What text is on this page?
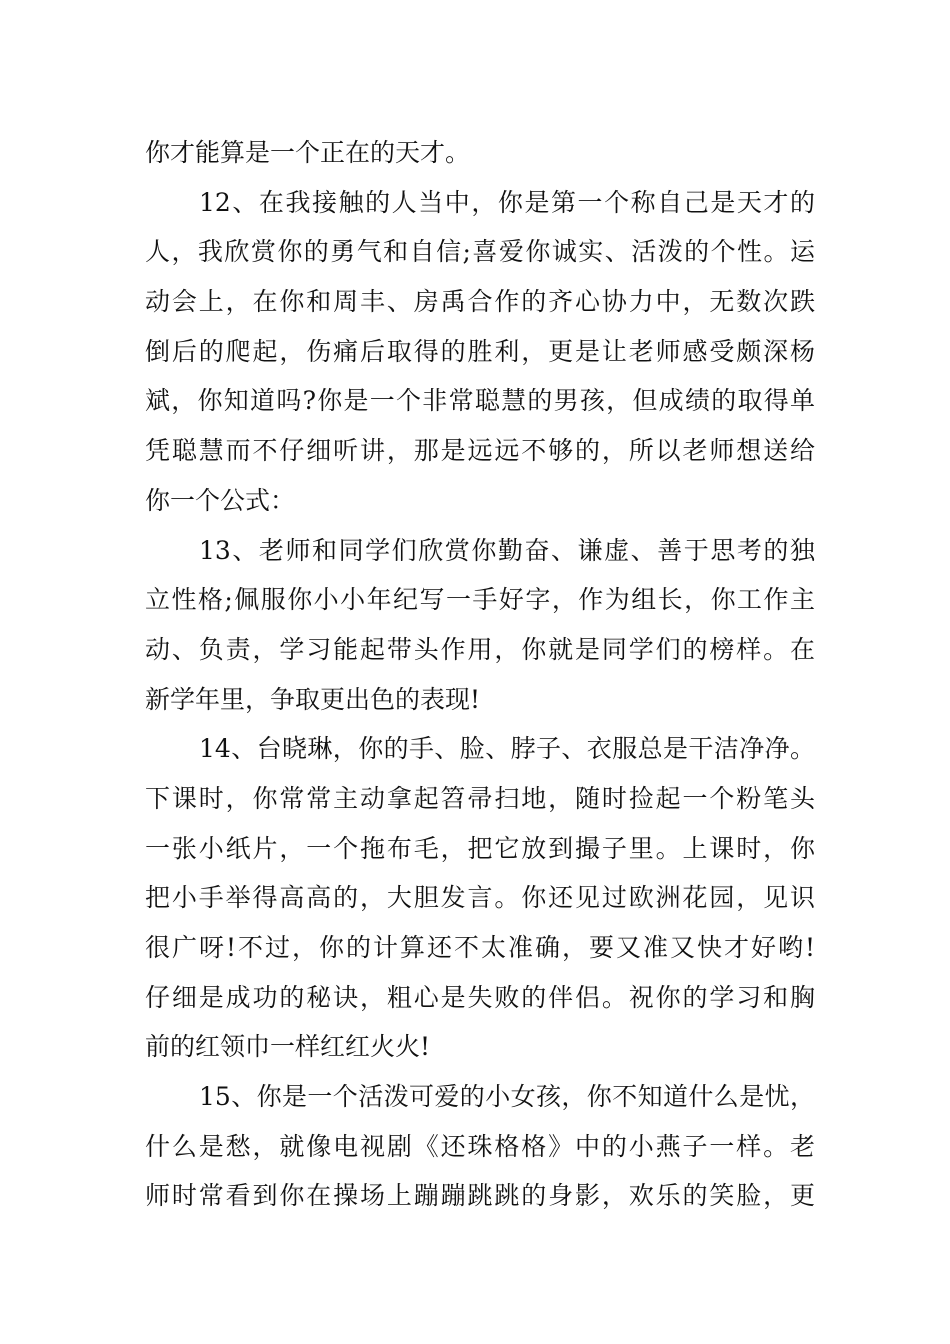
你才能算是一个正在的天才。
12、在我接触的人当中，你是第一个称自己是天才的
人，我欣赏你的勇气和自信;喜爱你诚实、活泼的个性。运
动会上，在你和周丰、房禹合作的齐心协力中，无数次跌
倒后的爬起，伤痛后取得的胜利，更是让老师感受颇深杨
斌，你知道吗?你是一个非常聪慧的男孩，但成绩的取得单
凭聪慧而不仔细听讲，那是远远不够的，所以老师想送给
你一个公式：
13、老师和同学们欣赏你勤奋、谦虚、善于思考的独
立性格;佩服你小小年纪写一手好字，作为组长，你工作主
动、负责，学习能起带头作用，你就是同学们的榜样。在
新学年里，争取更出色的表现!
14、台晓琳，你的手、脸、脖子、衣服总是干洁净净。
下课时，你常常主动拿起笤帚扫地，随时捡起一个粉笔头
一张小纸片，一个拖布毛，把它放到撮子里。上课时，你
把小手举得高高的，大胆发言。你还见过欧洲花园，见识
很广呀!不过，你的计算还不太准确，要又准又快才好哟!
仔细是成功的秘诀，粗心是失败的伴侣。祝你的学习和胸
前的红领巾一样红红火火!
15、你是一个活泼可爱的小女孩，你不知道什么是忧，
什么是愁，就像电视剧《还珠格格》中的小燕子一样。老
师时常看到你在操场上蹦蹦跳跳的身影，欢乐的笑脸，更
